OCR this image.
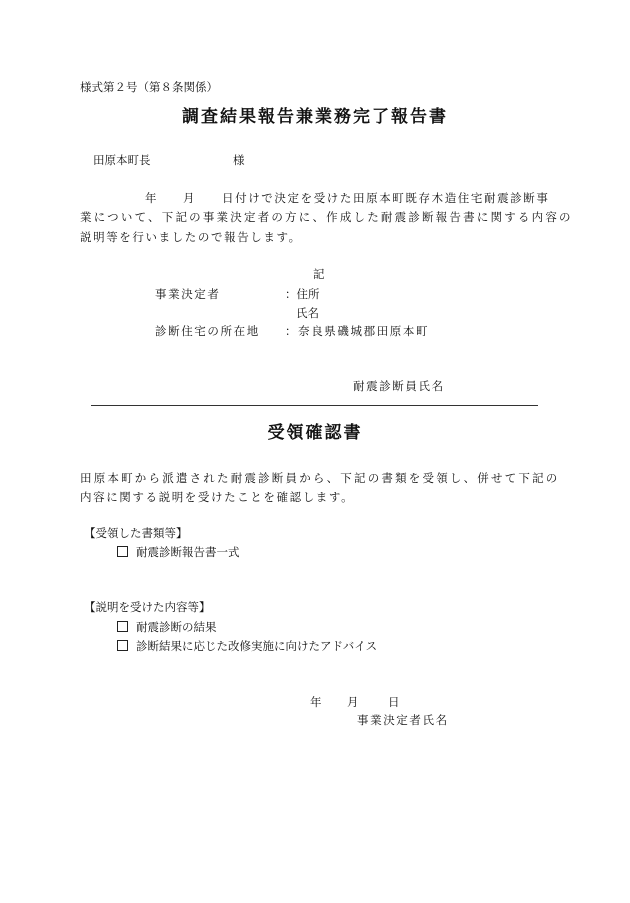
様式第２号（第８条関係）
調査結果報告兼業務完了報告書
田原本町長	様
年 月 日付けで決定を受けた田原本町既存木造住宅耐震診断事
業について、下記の事業決定者の方に、作成した耐震診断報告書に関する内容の
説明等を行いましたので報告します。
記
事業決定者	：住所
氏名
診断住宅の所在地 ：奈良県磯城郡田原本町
耐震診断員氏名
受領確認書
田原本町から派遣された耐震診断員から、下記の書類を受領し、併せて下記の
内容に関する説明を受けたことを確認します。
【受領した書類等】
耐震診断報告書一式
【説明を受けた内容等】
耐震診断の結果
診断結果に応じた改修実施に向けたアドバイス
年 月	日
事業決定者氏名
